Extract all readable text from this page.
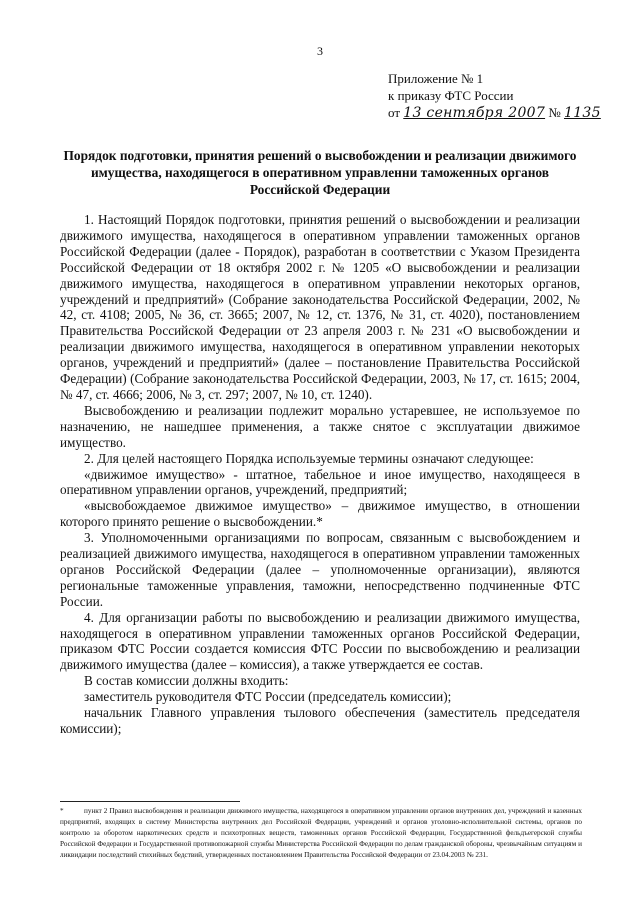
3
Приложение № 1
к приказу ФТС России
от 13 сентября 2007 № 1135
Порядок подготовки, принятия решений о высвобождении и реализации движимого имущества, находящегося в оперативном управленни таможенных органов Российской Федерации

1. Настоящий Порядок подготовки, принятия решений о высвобождении и реализации движимого имущества, находящегося в оперативном управлении таможенных органов Российской Федерации (далее - Порядок), разработан в соответствии с Указом Президента Российской Федерации от 18 октября 2002 г. № 1205 «О высвобождении и реализации движимого имущества, находящегося в оперативном управлении некоторых органов, учреждений и предприятий» (Собрание законодательства Российской Федерации, 2002, № 42, ст. 4108; 2005, № 36, ст. 3665; 2007, № 12, ст. 1376, № 31, ст. 4020), постановлением Правительства Российской Федерации от 23 апреля 2003 г. № 231 «О высвобождении и реализации движимого имущества, находящегося в оперативном управлении некоторых органов, учреждений и предприятий» (далее – постановление Правительства Российской Федерации) (Собрание законодательства Российской Федерации, 2003, № 17, ст. 1615; 2004, № 47, ст. 4666; 2006, № 3, ст. 297; 2007, № 10, ст. 1240).

Высвобождению и реализации подлежит морально устаревшее, не используемое по назначению, не нашедшее применения, а также снятое с эксплуатации движимое имущество.

2. Для целей настоящего Порядка используемые термины означают следующее:

«движимое имущество» - штатное, табельное и иное имущество, находящееся в оперативном управлении органов, учреждений, предприятий;

«высвобождаемое движимое имущество» – движимое имущество, в отношении которого принято решение о высвобождении.*

3. Уполномоченными организациями по вопросам, связанным с высвобождением и реализацией движимого имущества, находящегося в оперативном управлении таможенных органов Российской Федерации (далее – уполномоченные организации), являются региональные таможенные управления, таможни, непосредственно подчиненные ФТС России.

4. Для организации работы по высвобождению и реализации движимого имущества, находящегося в оперативном управлении таможенных органов Российской Федерации, приказом ФТС России создается комиссия ФТС России по высвобождению и реализации движимого имущества (далее – комиссия), а также утверждается ее состав.

В состав комиссии должны входить:

заместитель руководителя ФТС России (председатель комиссии);

начальник Главного управления тылового обеспечения (заместитель председателя комиссии);

*	пункт 2 Правил высвобождения и реализации движимого имущества, находящегося в оперативном управлении органов внутренних дел, учреждений и казенных предприятий, входящих в систему Министерства внутренних дел Российской Федерации, учреждений и органов уголовно-исполнительной системы, органов по контролю за оборотом наркотических средств и психотропных веществ, таможенных органов Российской Федерации, Государственной фельдъегерской службы Российской Федерации и Государственной противопожарной службы Министерства Российской Федерации по делам гражданской обороны, чрезвычайным ситуациям и ликвидации последствий стихийных бедствий, утвержденных постановлением Правительства Российской Федерации от 23.04.2003 № 231.
